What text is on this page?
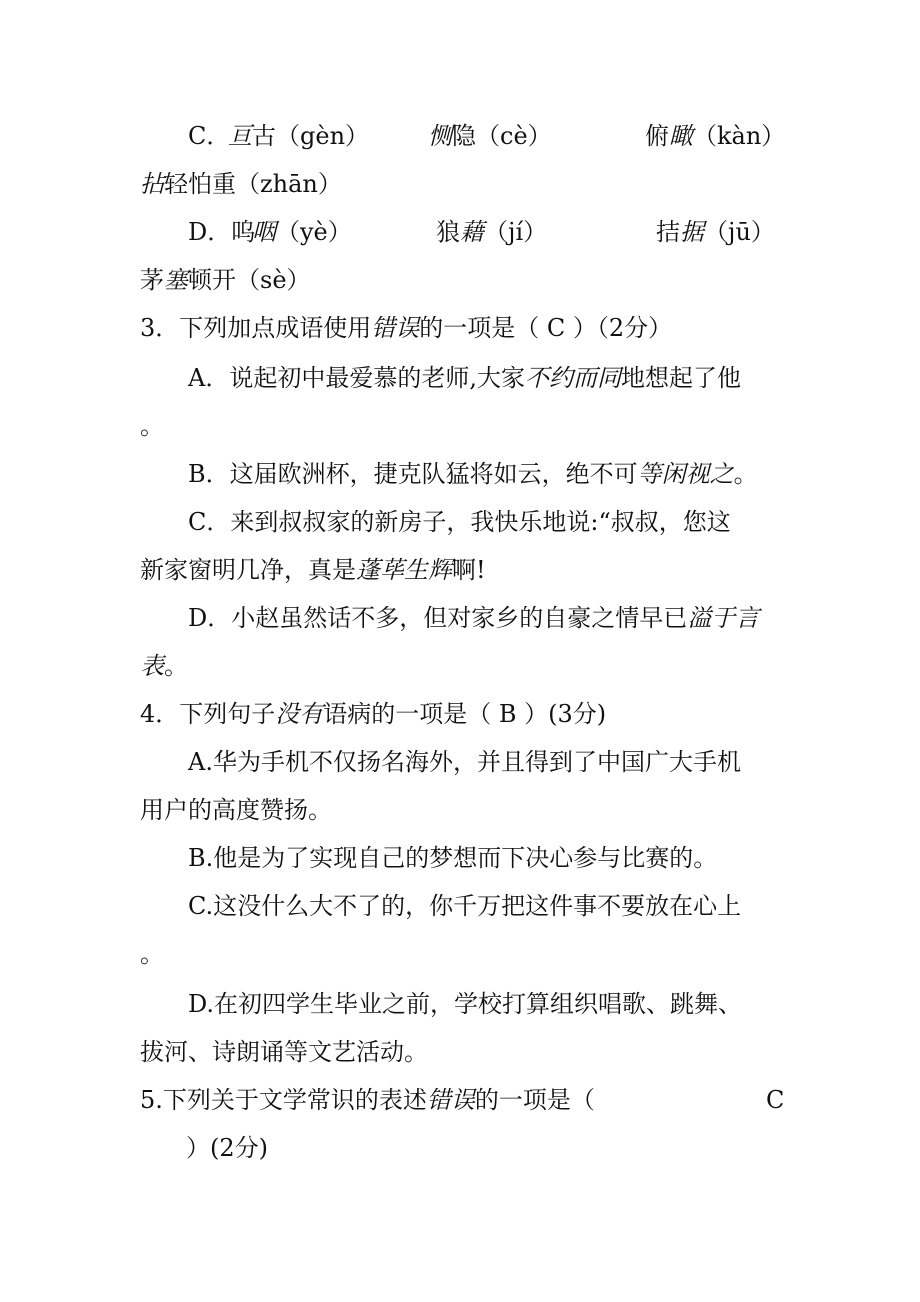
C．
亘 古 （gèn） 恻 隐 （cè）	俯 瞰 （kàn）
拈 轻怕重 （zhān）
D．呜
咽 （yè）	狼 藉 （jí）	拮 据 （jū）
茅 塞 顿开 （sè）
3．下列加点成语使用错误的一项是（ C ）（2分）
A．说起初中最爱慕的老师,大家不约而同地想起了他
。
B．这届欧洲杯，捷克队猛将如云，绝不可等闲视之。
C．来到叔叔家的新房子，我快乐地说:“叔叔，您这
新家窗明几净，真是蓬荜生辉啊!
D．小赵虽然话不多，但对家乡的自豪之情早已溢于言
表。
4．下列句子没有语病的一项是（ B ）(3分)
A.华为手机不仅扬名海外，并且得到了中国广大手机
用户的高度赞扬。
B.他是为了实现自己的梦想而下决心参与比赛的。
C.这没什么大不了的，你千万把这件事不要放在心上
。
D.在初四学生毕业之前，学校打算组织唱歌、跳舞、
拔河、诗朗诵等文艺活动。
5.下列关于文学常识的表述错误的一项是（	C
）(2分)
